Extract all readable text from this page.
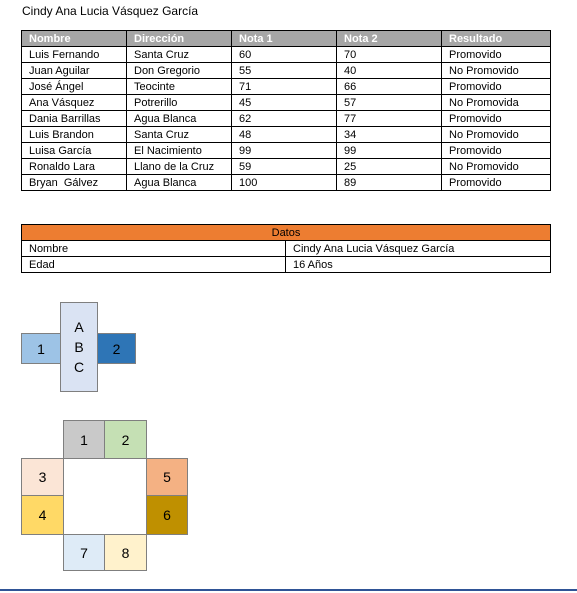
Cindy Ana Lucia Vásquez García
Nombre	Dirección	Nota 1	Nota 2	Resultado
Luis Fernando	Santa Cruz	60	70	Promovido
Juan Aguilar	Don Gregorio	55	40	No Promovido
José Ángel	Teocinte	71	66	Promovido
Ana Vásquez	Potrerillo	45	57	No Promovida
Dania Barrillas	Agua Blanca	62	77	Promovido
Luis Brandon	Santa Cruz	48	34	No Promovido
Luisa García	El Nacimiento	99	99	Promovido
Ronaldo Lara	Llano de la Cruz	59	25	No Promovido
Bryan  Gálvez	Agua Blanca	100	89	Promovido
Datos	
Nombre	Cindy Ana Lucia Vásquez García
Edad	16 Años
1
A
B
C
2
1	2
3
4
5
6
7	8
